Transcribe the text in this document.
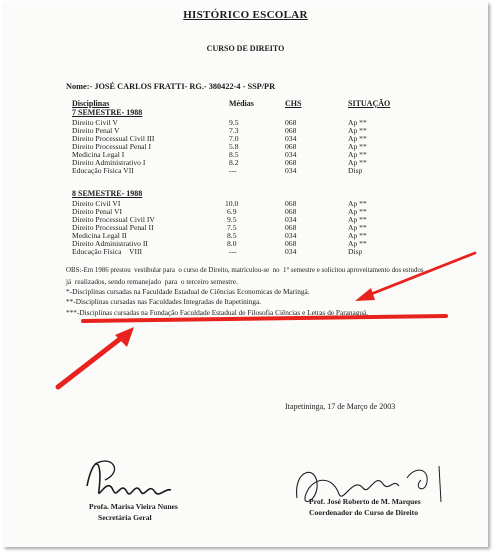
HISTÓRICO ESCOLAR
CURSO DE DIREITO
Nome:- JOSÉ CARLOS FRATTI- RG.- 380422-4 - SSP/PR
Disciplinas	Médias	CHS	SITUAÇÃO
7 SEMESTRE- 1988
Direito Civil V	9.5	068	Ap **
Direito Penal V	7.3	068	Ap **
Direito Processual Civil III	7.0	034	Ap **
Direito Processual Penal I	5.8	068	Ap **
Medicina Legal I	8.5	034	Ap **
Direito Administrativo I	8.2	068	Ap **
Educação Física VII	---	034	Disp
8 SEMESTRE- 1988
Direito Civil VI	10.0	068	Ap **
Direito Penal VI	6.9	068	Ap **
Direito Processual Civil IV	9.5	034	Ap **
Direito Processual Penal II	7.5	068	Ap **
Medicina Legal II	8.5	034	Ap **
Direito Administrativo II	8.0	068	Ap **
Educação Física    VIII	---	034	Disp
OBS:-Em 1986 prestou  vestibular para  o curso de Direito, matriculou-se  no  1° semestre e solicitou aproveitamento dos estudos
já  realizados, sendo remanejado  para  o terceiro semestre.
*-Disciplinas cursadas na Faculdade Estadual de Ciências Economicas de Maringá.
**-Disciplinas cursadas nas Faculdades Integradas de Itapetininga.
***-Disciplinas cursadas na Fundação Faculdade Estadual de Filosofia Ciências e Letras de Paranaguá.
Itapetininga, 17 de Março de 2003
Profa. Marisa Vieira Nunes
Secretária Geral
Prof. José Roberto de M. Marques
Coordenador do Curso de Direito
